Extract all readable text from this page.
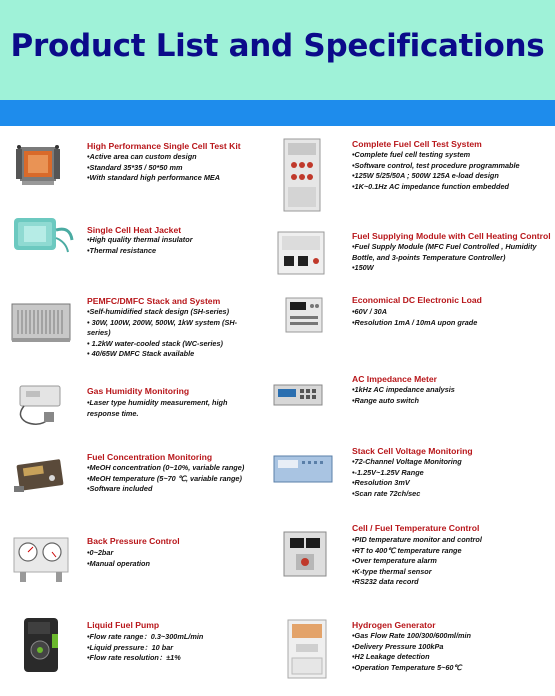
Product List and Specifications
High Performance Single Cell Test Kit
•Active area can custom design
•Standard 35*35 / 50*50 mm
•With standard high performance MEA
Single Cell Heat Jacket
•High quality thermal insulator
•Thermal resistance
PEMFC/DMFC Stack and System
•Self-humidified stack design (SH-series)
• 30W, 100W, 200W, 500W, 1kW system (SH-
series)
• 1.2kW water-cooled stack (WC-series)
• 40/65W DMFC Stack available
Gas Humidity Monitoring
•Laser type humidity measurement, high
response time.
Fuel Concentration Monitoring
•MeOH concentration (0~10%, variable range)
•MeOH temperature (5~70 ℃, variable range)
•Software included
Back Pressure Control
•0~2bar
•Manual operation
Liquid Fuel Pump
•Flow rate range：0.3~300mL/min
•Liquid pressure：10 bar
•Flow rate resolution：±1%
Complete Fuel Cell Test System
•Complete fuel cell testing system
•Software control, test procedure programmable
•125W 5/25/50A ; 500W 125A e-load design
•1K~0.1Hz AC impedance function embedded
Fuel Supplying Module with Cell Heating Control
•Fuel Supply Module (MFC Fuel Controlled , Humidity
Bottle, and 3-points Temperature Controller)
•150W
Economical DC Electronic Load
•60V / 30A
•Resolution 1mA / 10mA upon grade
AC Impedance Meter
•1kHz AC impedance analysis
•Range auto switch
Stack Cell Voltage Monitoring
•72-Channel Voltage Monitoring
•-1.25V~1.25V Range
•Resolution 3mV
•Scan rate 72ch/sec
Cell / Fuel Temperature Control
•PID temperature monitor and control
•RT to 400℃ temperature range
•Over temperature alarm
•K-type thermal sensor
•RS232 data record
Hydrogen Generator
•Gas Flow Rate 100/300/600ml/min
•Delivery Pressure 100kPa
•H2 Leakage detection
•Operation Temperature 5~60℃
